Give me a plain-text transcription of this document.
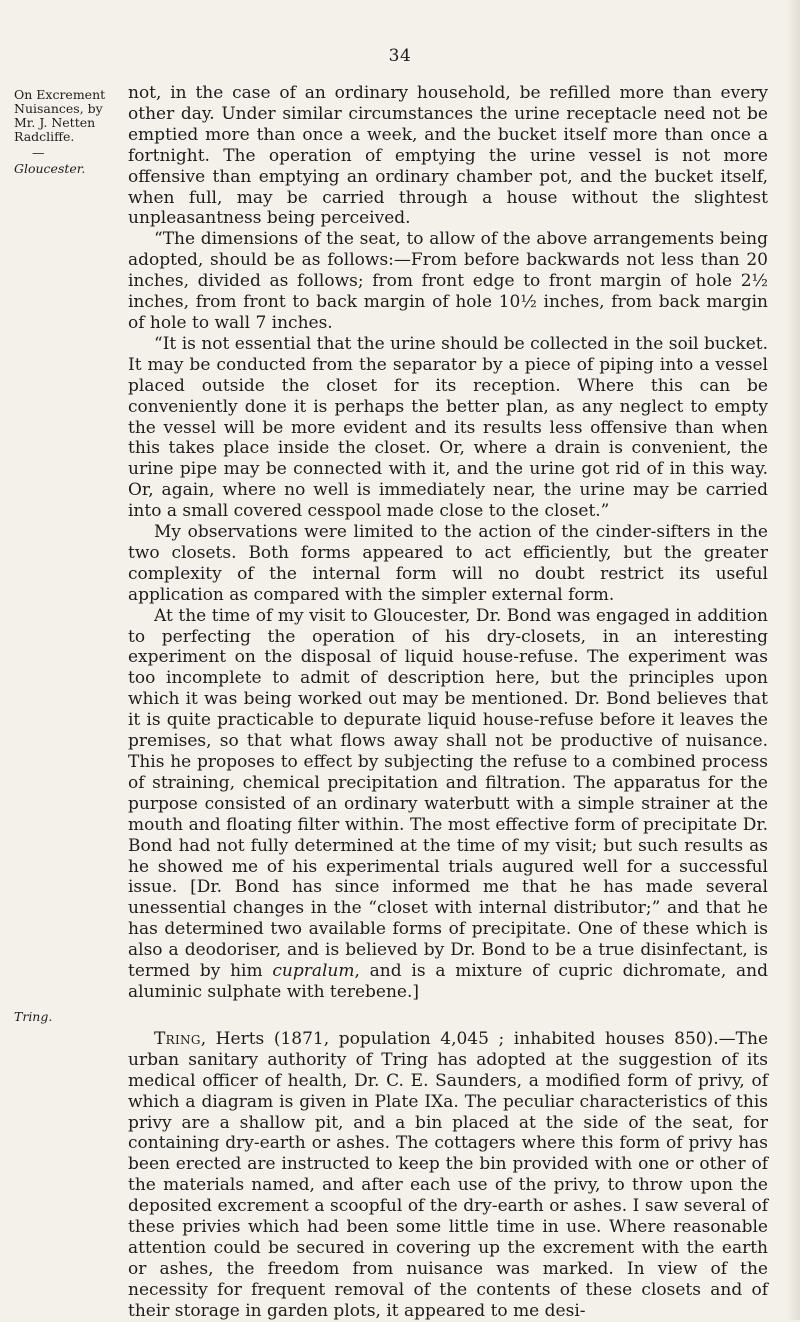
34

On Excrement

Nuisances, by

Mr. J. Netten

Radcliffe.

—

Gloucester.

Tring.

not, in the case of an ordinary household, be refilled more than every other day. Under similar circumstances the urine receptacle need not be emptied more than once a week, and the bucket itself more than once a fortnight. The operation of emptying the urine vessel is not more offensive than emptying an ordinary chamber pot, and the bucket itself, when full, may be carried through a house without the slightest unpleasantness being perceived.

“The dimensions of the seat, to allow of the above arrangements being adopted, should be as follows:—From before backwards not less than 20 inches, divided as follows; from front edge to front margin of hole 2½ inches, from front to back margin of hole 10½ inches, from back margin of hole to wall 7 inches.

“It is not essential that the urine should be collected in the soil bucket. It may be conducted from the separator by a piece of piping into a vessel placed outside the closet for its reception. Where this can be conveniently done it is perhaps the better plan, as any neglect to empty the vessel will be more evident and its results less offensive than when this takes place inside the closet. Or, where a drain is convenient, the urine pipe may be connected with it, and the urine got rid of in this way. Or, again, where no well is immediately near, the urine may be carried into a small covered cesspool made close to the closet.”

My observations were limited to the action of the cinder-sifters in the two closets. Both forms appeared to act efficiently, but the greater complexity of the internal form will no doubt restrict its useful application as compared with the simpler external form.

At the time of my visit to Gloucester, Dr. Bond was engaged in addition to perfecting the operation of his dry-closets, in an interesting experiment on the disposal of liquid house-refuse. The experiment was too incomplete to admit of description here, but the principles upon which it was being worked out may be mentioned. Dr. Bond believes that it is quite practicable to depurate liquid house-refuse before it leaves the premises, so that what flows away shall not be productive of nuisance. This he proposes to effect by subjecting the refuse to a combined process of straining, chemical precipitation and filtration. The apparatus for the purpose consisted of an ordinary waterbutt with a simple strainer at the mouth and floating filter within. The most effective form of precipitate Dr. Bond had not fully determined at the time of my visit; but such results as he showed me of his experimental trials augured well for a successful issue. [Dr. Bond has since informed me that he has made several unessential changes in the “closet with internal distributor;” and that he has determined two available forms of precipitate. One of these which is also a deodoriser, and is believed by Dr. Bond to be a true disinfectant, is termed by him cupralum, and is a mixture of cupric dichromate, and aluminic sulphate with terebene.]

Tring, Herts (1871, population 4,045 ; inhabited houses 850).—The urban sanitary authority of Tring has adopted at the suggestion of its medical officer of health, Dr. C. E. Saunders, a modified form of privy, of which a diagram is given in Plate IXa. The peculiar characteristics of this privy are a shallow pit, and a bin placed at the side of the seat, for containing dry-earth or ashes. The cottagers where this form of privy has been erected are instructed to keep the bin provided with one or other of the materials named, and after each use of the privy, to throw upon the deposited excrement a scoopful of the dry-earth or ashes. I saw several of these privies which had been some little time in use. Where reasonable attention could be secured in covering up the excrement with the earth or ashes, the freedom from nuisance was marked. In view of the necessity for frequent removal of the contents of these closets and of their storage in garden plots, it appeared to me desi-
